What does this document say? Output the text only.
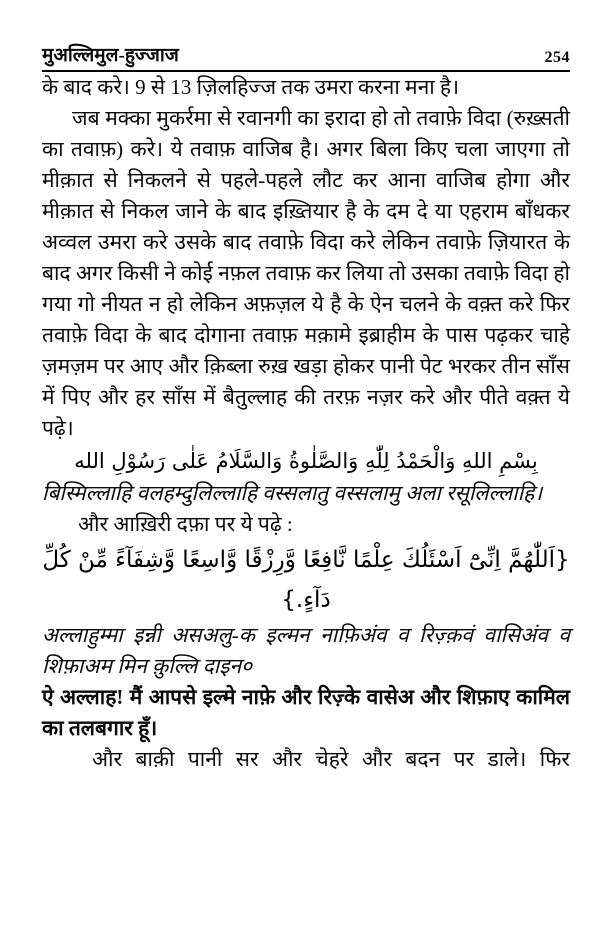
मुअल्लिमुल-हुज्जाज	254

के बाद करे। 9 से 13 ज़िलहिज्ज तक उमरा करना मना है।

जब मक्का मुकर्रमा से रवानगी का इरादा हो तो तवाफ़े विदा (रुख़्सती का तवाफ़) करे। ये तवाफ़ वाजिब है। अगर बिला किए चला जाएगा तो मीक़ात से निकलने से पहले-पहले लौट कर आना वाजिब होगा और मीक़ात से निकल जाने के बाद इख़्तियार है के दम दे या एहराम बाँधकर अव्वल उमरा करे उसके बाद तवाफ़े विदा करे लेकिन तवाफ़े ज़ियारत के बाद अगर किसी ने कोई नफ़ल तवाफ़ कर लिया तो उसका तवाफ़े विदा हो गया गो नीयत न हो लेकिन अफ़ज़ल ये है के ऐन चलने के वक़्त करे फिर तवाफ़े विदा के बाद दोगाना तवाफ़ मक़ामे इब्राहीम के पास पढ़कर चाहे ज़मज़म पर आए और क़िब्ला रुख़ खड़ा होकर पानी पेट भरकर तीन साँस में पिए और हर साँस में बैतुल्लाह की तरफ़ नज़र करे और पीते वक़्त ये पढ़े।

بِسْمِ اللهِ وَالْحَمْدُ لِلّٰهِ وَالصَّلٰوةُ وَالسَّلَامُ عَلٰى رَسُوْلِ الله

बिस्मिल्लाहि वलहम्दुलिल्लाहि वस्सलातु वस्सलामु अला रसूलिल्लाहि।

और आख़िरी दफ़ा पर ये पढ़े :

{اَللّٰهُمَّ اِنِّىْٓ اَسْئَلُكَ عِلْمًا نَّافِعًا وَّرِزْقًا وَّاسِعًا وَّشِفَآءً مِّنْ كُلِّ دَآءٍ.}

अल्लाहुम्मा इन्नी असअलु-क इल्मन नाफ़िअंव व रिज़्क़वं वासिअंव व शिफ़ाअम मिन क़ुल्लि दाइन०

ऐ अल्लाह! मैं आपसे इल्मे नाफ़े और रिज़्के वासेअ और शिफ़ाए कामिल का तलबगार हूँ।

और बाक़ी पानी सर और चेहरे और बदन पर डाले। फिर
